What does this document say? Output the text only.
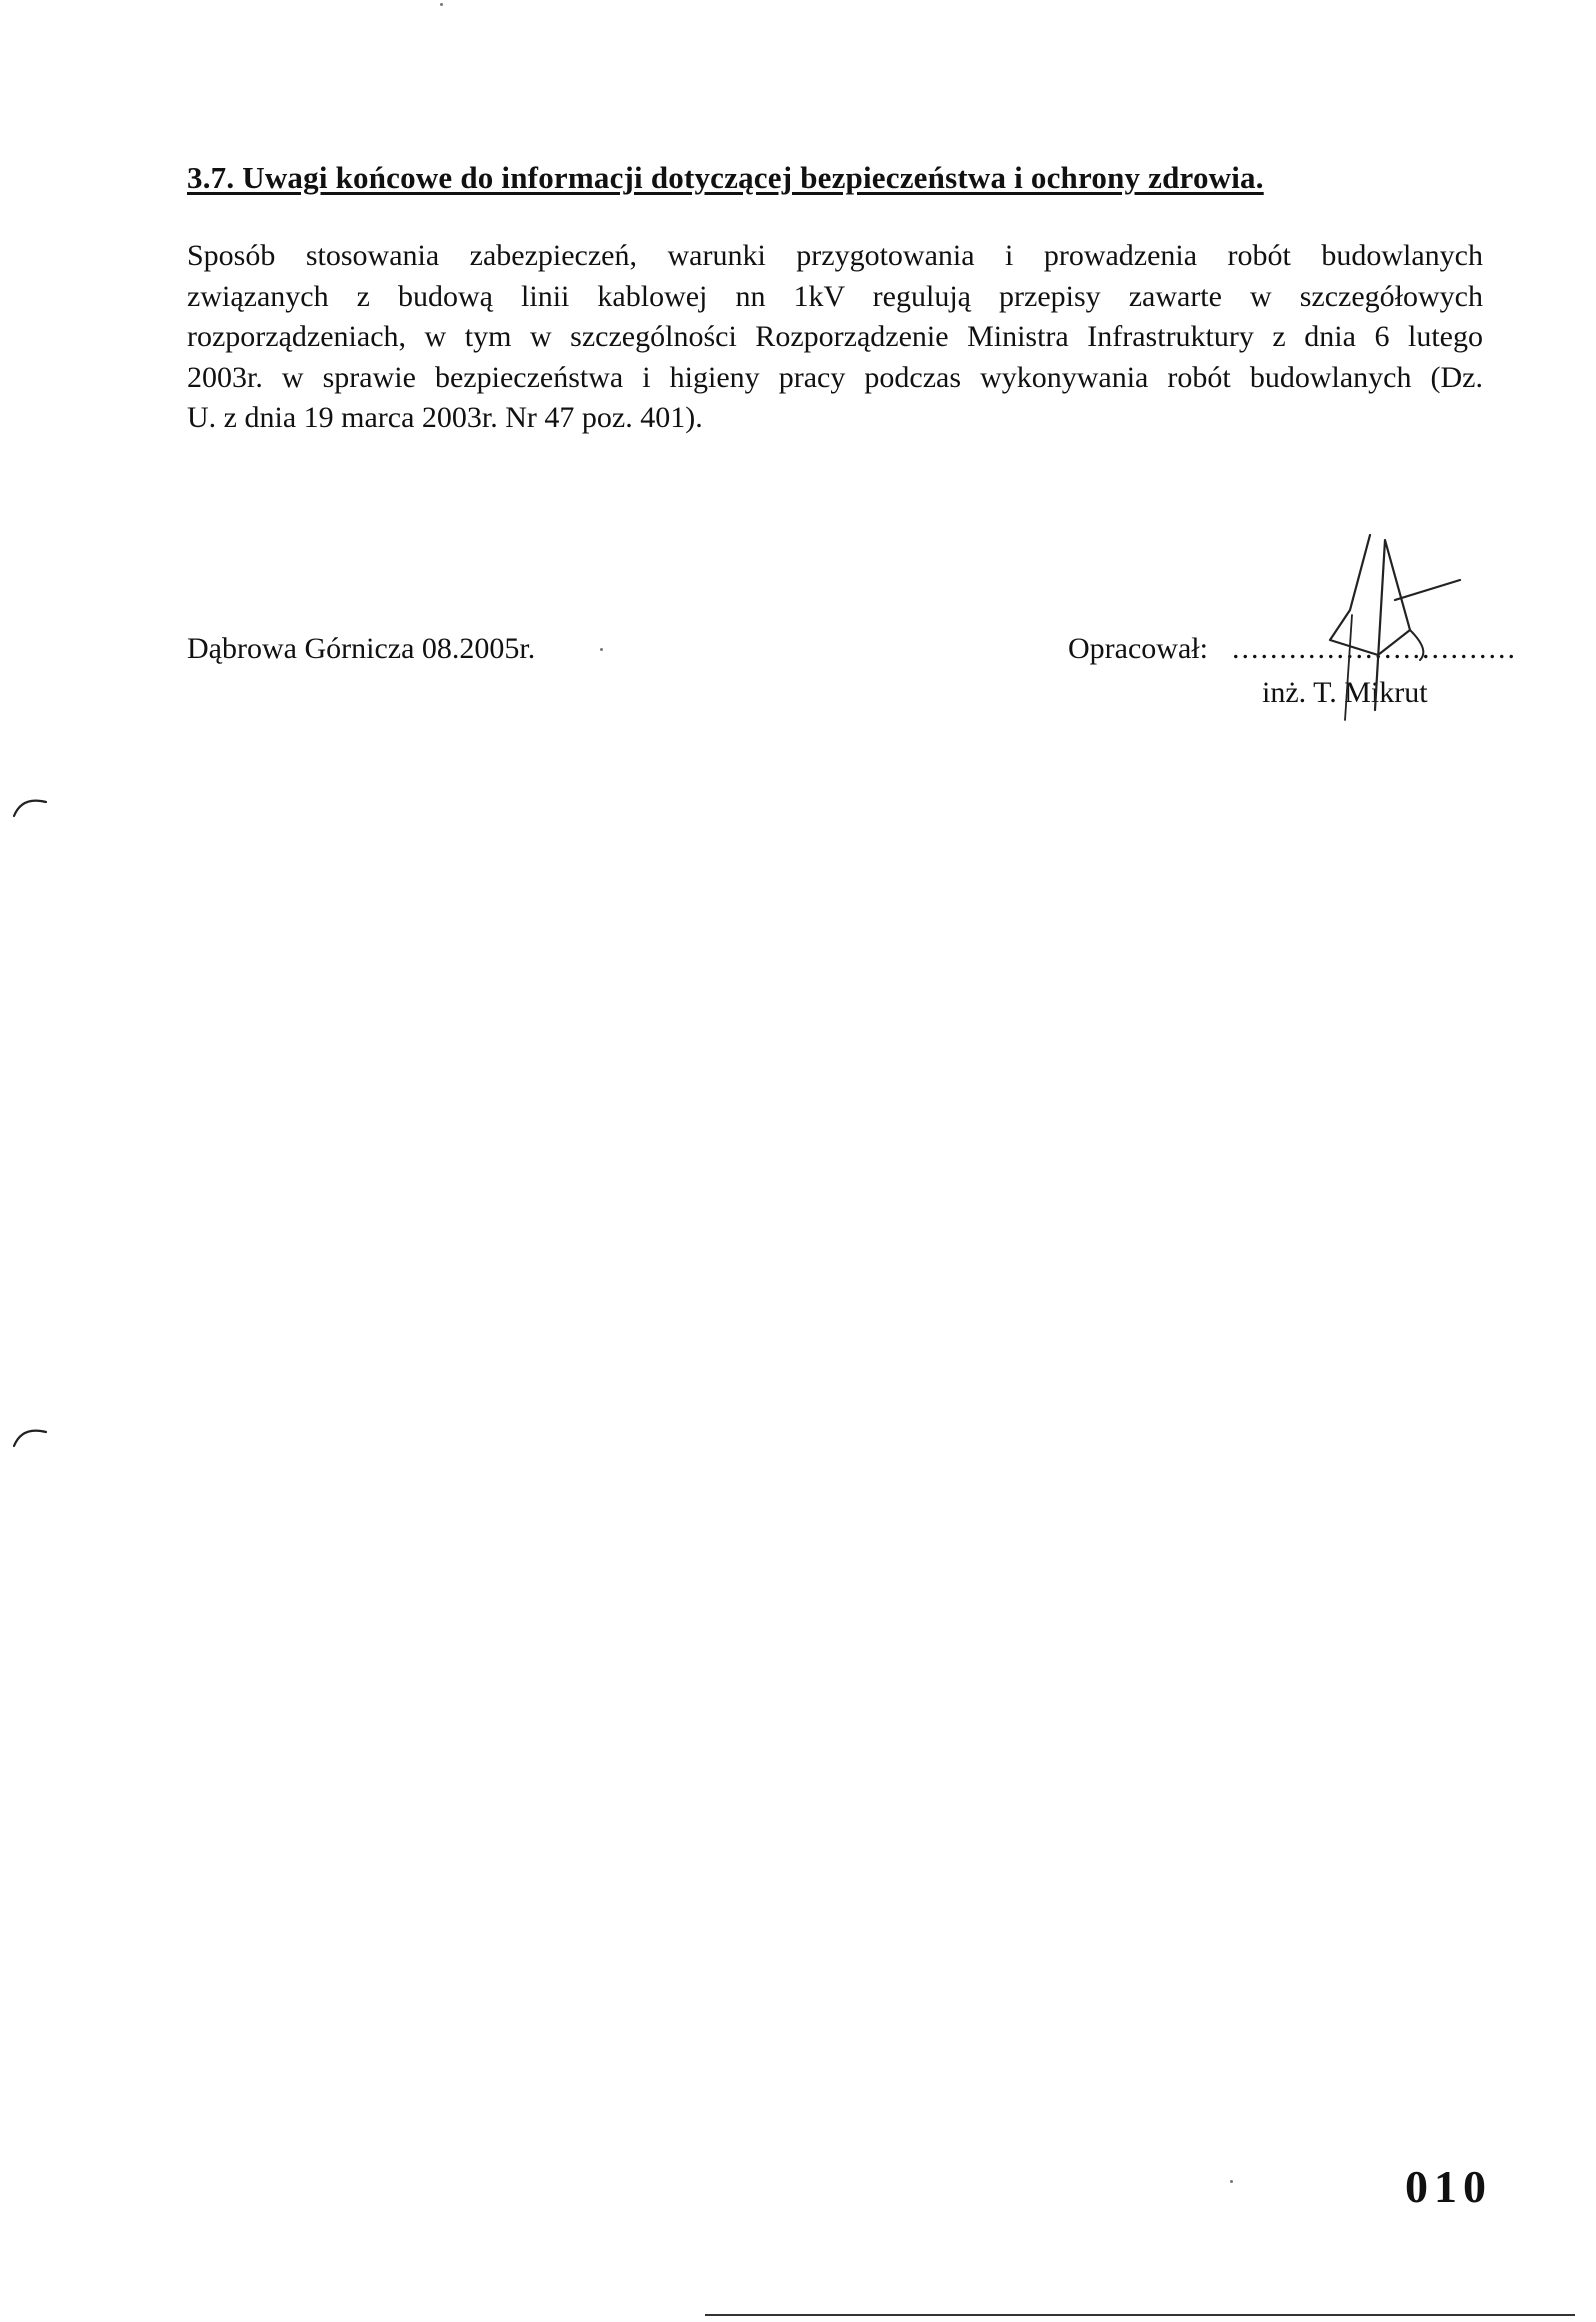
3.7. Uwagi końcowe do informacji dotyczącej bezpieczeństwa i ochrony zdrowia.
Sposób stosowania zabezpieczeń, warunki przygotowania i prowadzenia robót budowlanych
związanych z budową linii kablowej nn 1kV regulują przepisy zawarte w szczegółowych
rozporządzeniach, w tym w szczególności Rozporządzenie Ministra Infrastruktury z dnia 6 lutego
2003r. w sprawie bezpieczeństwa i higieny pracy podczas wykonywania robót budowlanych (Dz.
U. z dnia 19 marca 2003r. Nr 47 poz. 401).
Dąbrowa Górnicza 08.2005r.	Opracował: ..............................
inż. T. Mikrut
010
